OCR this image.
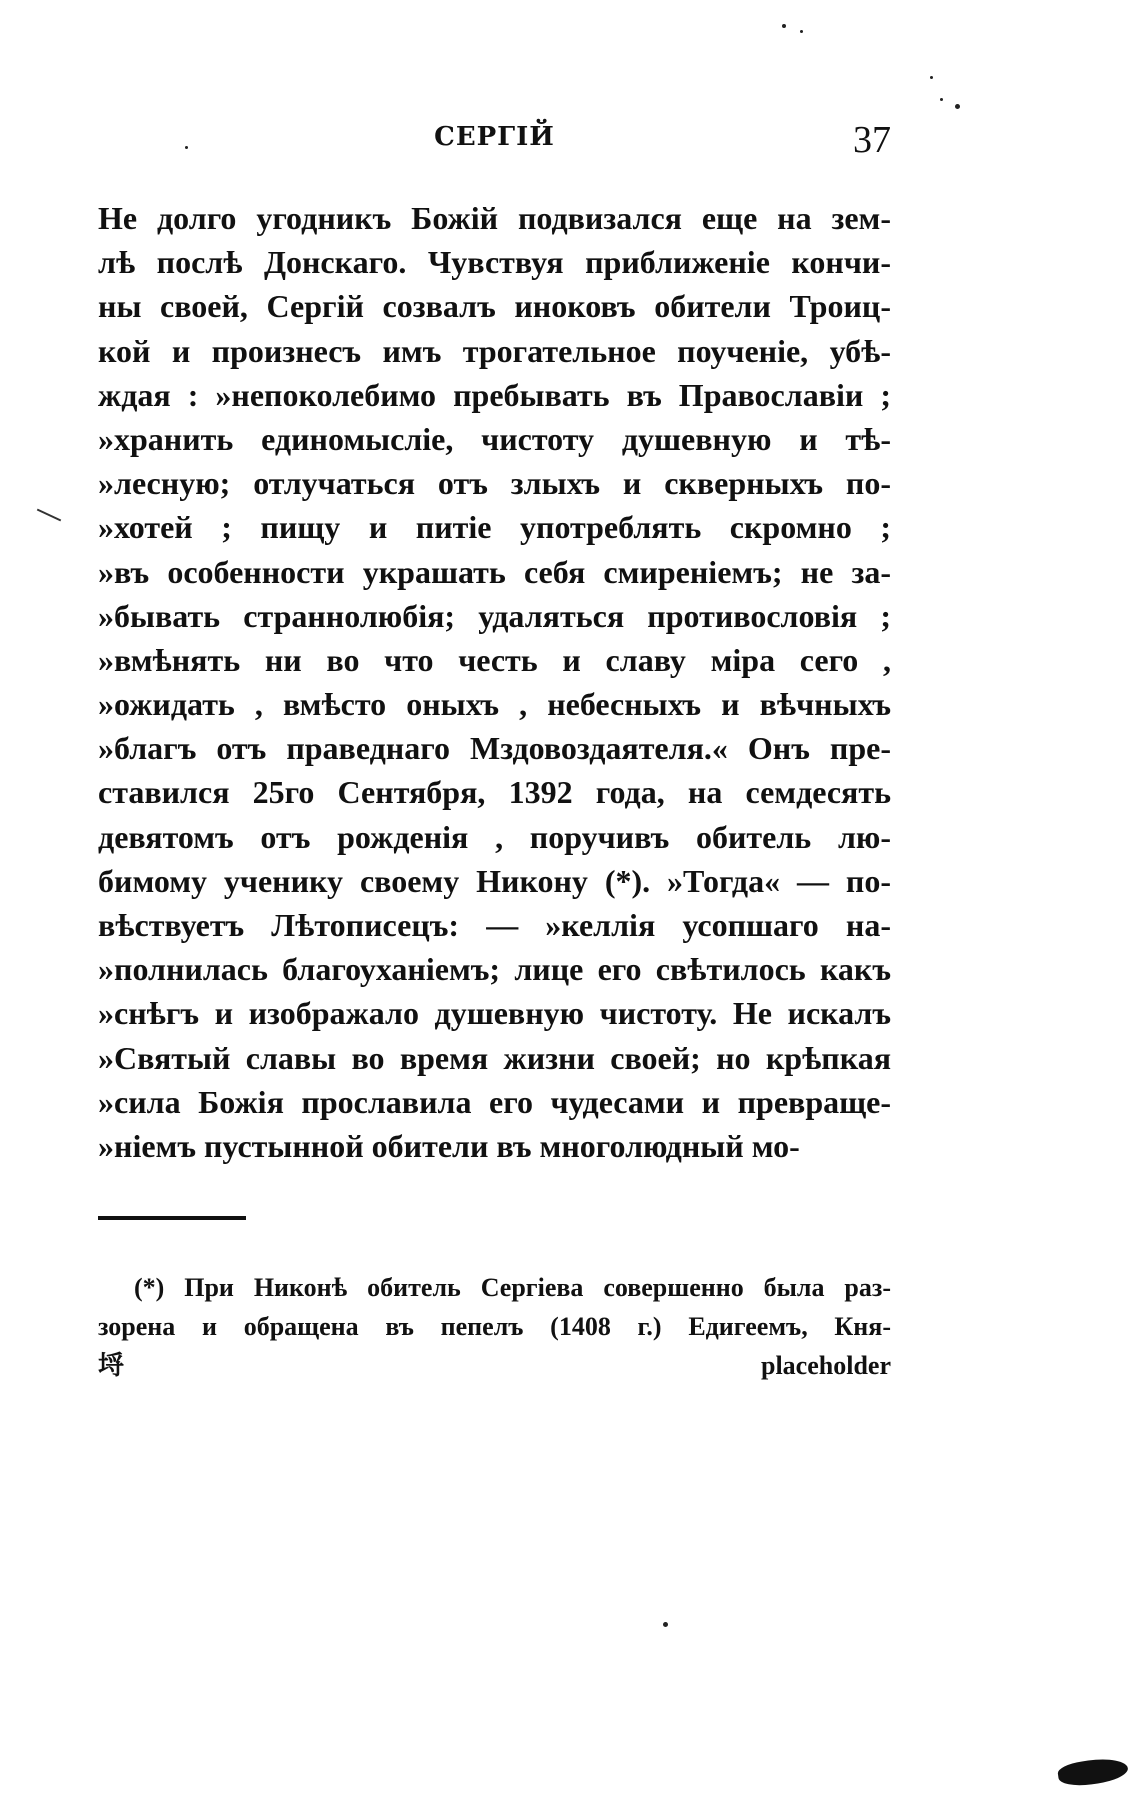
СЕРГІЙ	37
Не долго угодникъ Божій подвизался еще на зем-
лѣ послѣ Донскаго. Чувствуя приближеніе кончи-
ны своей, Сергій созвалъ иноковъ обители Троиц-
кой и произнесъ имъ трогательное поученіе, убѣ-
ждая : »непоколебимо пребывать въ Православіи ;
»хранить единомысліе, чистоту душевную и тѣ-
»лесную; отлучаться отъ злыхъ и скверныхъ по-
»хотей ; пищу и питіе употреблять скромно ;
»въ особенности украшать себя смиреніемъ; не за-
»бывать страннолюбія; удаляться противословія ;
»вмѣнять ни во что честь и славу міра сего ,
»ожидать , вмѣсто оныхъ , небесныхъ и вѣчныхъ
»благъ отъ праведнаго Мздовоздаятеля.« Онъ пре-
ставился 25го Сентября, 1392 года, на семдесять
девятомъ отъ рожденія , поручивъ обитель лю-
бимому ученику своему Никону (*). »Тогда« — по-
вѣствуетъ Лѣтописецъ: — »келлія усопшаго на-
»полнилась благоуханіемъ; лице его свѣтилось какъ
»снѣгъ и изображало душевную чистоту. Не искалъ
»Святый славы во время жизни своей; но крѣпкая
»сила Божія прославила его чудесами и превраще-
»ніемъ пустынной обители въ многолюдный мо-
(*) При Никонѣ обитель Сергіева совершенно была раз-
зорена и обращена въ пепелъ (1408 г.) Едигеемъ, Кня-
埒 placeholder
